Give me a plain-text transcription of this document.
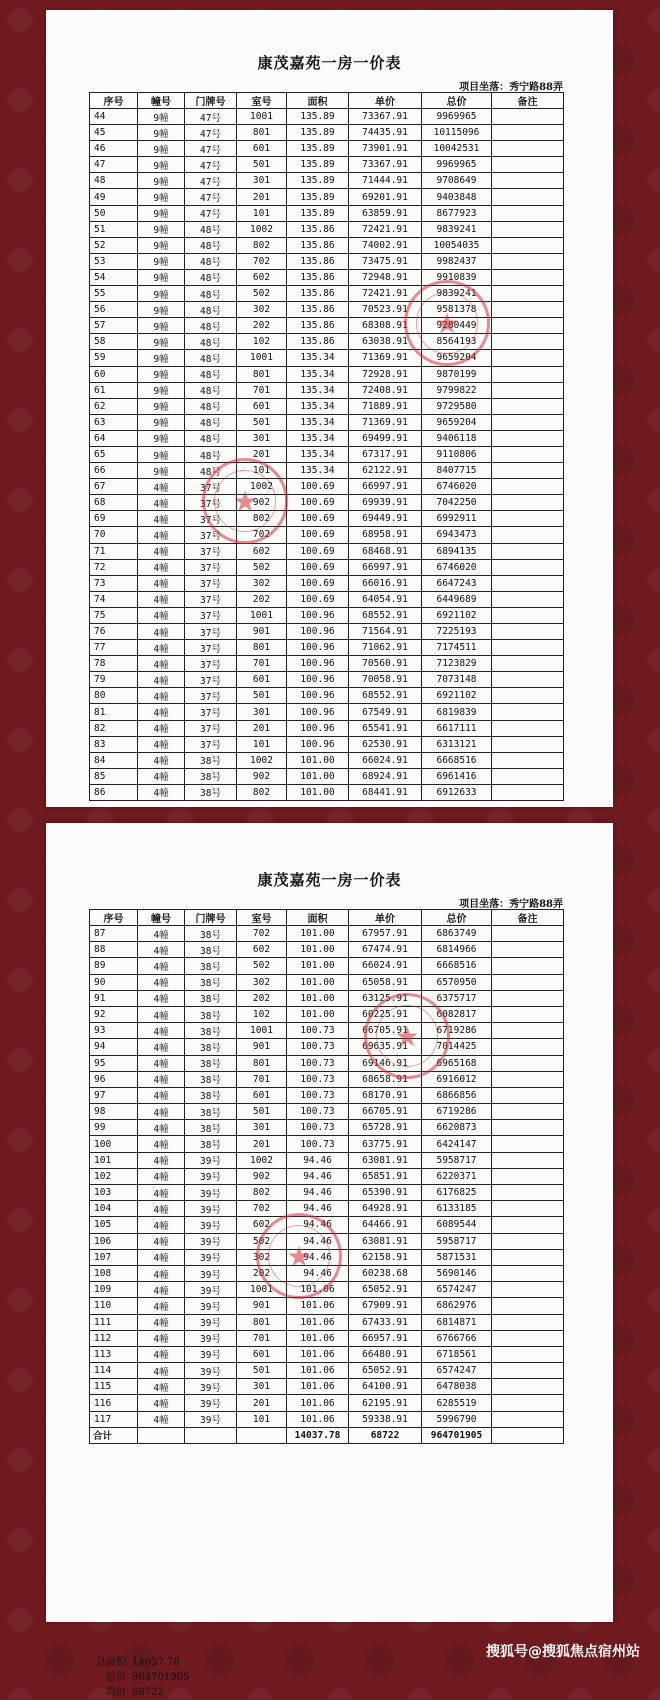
康茂嘉苑一房一价表
项目坐落：秀宁路88弄
序号	幢号	门牌号	室号	面积	单价	总价	备注
44	9幢	47号	1001	135.89	73367.91	9969965	
45	9幢	47号	801	135.89	74435.91	10115096	
46	9幢	47号	601	135.89	73901.91	10042531	
47	9幢	47号	501	135.89	73367.91	9969965	
48	9幢	47号	301	135.89	71444.91	9708649	
49	9幢	47号	201	135.89	69201.91	9403848	
50	9幢	47号	101	135.89	63859.91	8677923	
51	9幢	48号	1002	135.86	72421.91	9839241	
52	9幢	48号	802	135.86	74002.91	10054035	
53	9幢	48号	702	135.86	73475.91	9982437	
54	9幢	48号	602	135.86	72948.91	9910839	
55	9幢	48号	502	135.86	72421.91	9839241	
56	9幢	48号	302	135.86	70523.91	9581378	
57	9幢	48号	202	135.86	68308.91	9280449	
58	9幢	48号	102	135.86	63038.91	8564193	
59	9幢	48号	1001	135.34	71369.91	9659204	
60	9幢	48号	801	135.34	72928.91	9870199	
61	9幢	48号	701	135.34	72408.91	9799822	
62	9幢	48号	601	135.34	71889.91	9729580	
63	9幢	48号	501	135.34	71369.91	9659204	
64	9幢	48号	301	135.34	69499.91	9406118	
65	9幢	48号	201	135.34	67317.91	9110806	
66	9幢	48号	101	135.34	62122.91	8407715	
67	4幢	37号	1002	100.69	66997.91	6746020	
68	4幢	37号	902	100.69	69939.91	7042250	
69	4幢	37号	802	100.69	69449.91	6992911	
70	4幢	37号	702	100.69	68958.91	6943473	
71	4幢	37号	602	100.69	68468.91	6894135	
72	4幢	37号	502	100.69	66997.91	6746020	
73	4幢	37号	302	100.69	66016.91	6647243	
74	4幢	37号	202	100.69	64054.91	6449689	
75	4幢	37号	1001	100.96	68552.91	6921102	
76	4幢	37号	901	100.96	71564.91	7225193	
77	4幢	37号	801	100.96	71062.91	7174511	
78	4幢	37号	701	100.96	70560.91	7123829	
79	4幢	37号	601	100.96	70058.91	7073148	
80	4幢	37号	501	100.96	68552.91	6921102	
81	4幢	37号	301	100.96	67549.91	6819839	
82	4幢	37号	201	100.96	65541.91	6617111	
83	4幢	37号	101	100.96	62530.91	6313121	
84	4幢	38号	1002	101.00	66024.91	6668516	
85	4幢	38号	902	101.00	68924.91	6961416	
86	4幢	38号	802	101.00	68441.91	6912633	
★
★
康茂嘉苑一房一价表
项目坐落：秀宁路88弄
序号	幢号	门牌号	室号	面积	单价	总价	备注
87	4幢	38号	702	101.00	67957.91	6863749	
88	4幢	38号	602	101.00	67474.91	6814966	
89	4幢	38号	502	101.00	66024.91	6668516	
90	4幢	38号	302	101.00	65058.91	6570950	
91	4幢	38号	202	101.00	63125.91	6375717	
92	4幢	38号	102	101.00	60225.91	6082817	
93	4幢	38号	1001	100.73	66705.91	6719286	
94	4幢	38号	901	100.73	69635.91	7014425	
95	4幢	38号	801	100.73	69146.91	6965168	
96	4幢	38号	701	100.73	68658.91	6916012	
97	4幢	38号	601	100.73	68170.91	6866856	
98	4幢	38号	501	100.73	66705.91	6719286	
99	4幢	38号	301	100.73	65728.91	6620873	
100	4幢	38号	201	100.73	63775.91	6424147	
101	4幢	39号	1002	94.46	63081.91	5958717	
102	4幢	39号	902	94.46	65851.91	6220371	
103	4幢	39号	802	94.46	65390.91	6176825	
104	4幢	39号	702	94.46	64928.91	6133185	
105	4幢	39号	602	94.46	64466.91	6089544	
106	4幢	39号	502	94.46	63081.91	5958717	
107	4幢	39号	302	94.46	62158.91	5871531	
108	4幢	39号	202	94.46	60238.68	5690146	
109	4幢	39号	1001	101.06	65052.91	6574247	
110	4幢	39号	901	101.06	67909.91	6862976	
111	4幢	39号	801	101.06	67433.91	6814871	
112	4幢	39号	701	101.06	66957.91	6766766	
113	4幢	39号	601	101.06	66480.91	6718561	
114	4幢	39号	501	101.06	65052.91	6574247	
115	4幢	39号	301	101.06	64100.91	6478038	
116	4幢	39号	201	101.06	62195.91	6285519	
117	4幢	39号	101	101.06	59338.91	5996790	
合计				14037.78	68722	964701905	
★
★
总面积 14037.78
总价 964701905
均价 68722
搜狐号@搜狐焦点宿州站
